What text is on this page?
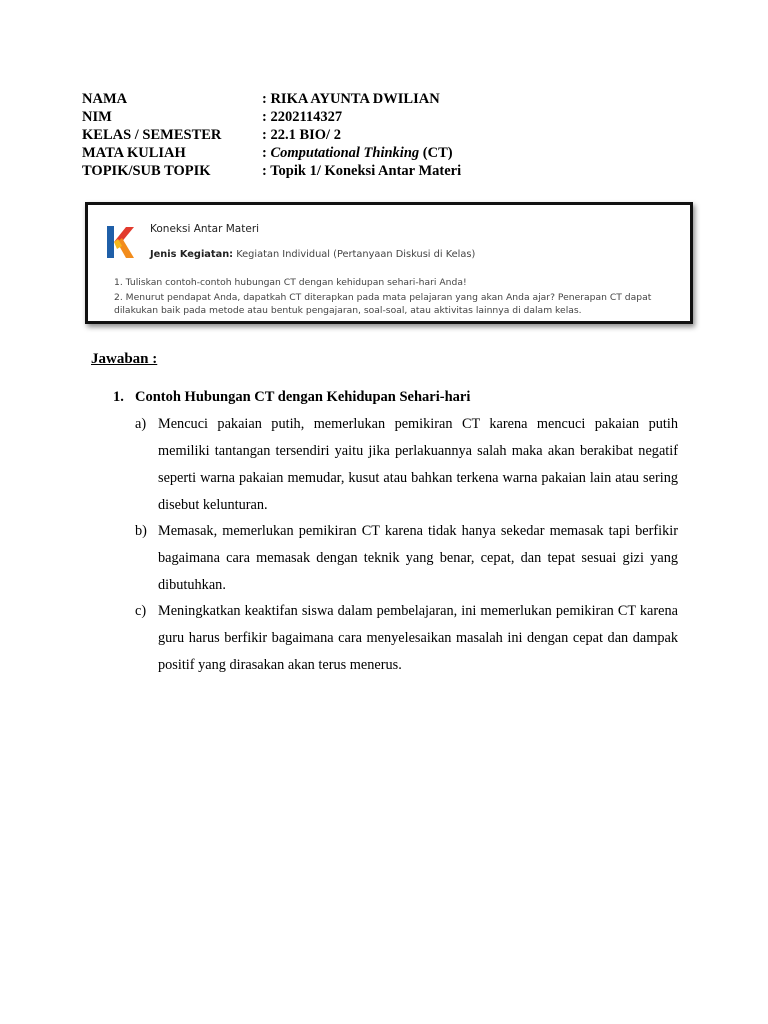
NAMA	: RIKA AYUNTA DWILIAN
NIM	: 2202114327
KELAS / SEMESTER	: 22.1 BIO/ 2
MATA KULIAH	: Computational Thinking (CT)
TOPIK/SUB TOPIK	: Topik 1/ Koneksi Antar Materi
Koneksi Antar Materi
Jenis Kegiatan: Kegiatan Individual (Pertanyaan Diskusi di Kelas)
1. Tuliskan contoh-contoh hubungan CT dengan kehidupan sehari-hari Anda!
2. Menurut pendapat Anda, dapatkah CT diterapkan pada mata pelajaran yang akan Anda ajar? Penerapan CT dapat dilakukan baik pada metode atau bentuk pengajaran, soal-soal, atau aktivitas lainnya di dalam kelas.
Jawaban :
1. Contoh Hubungan CT dengan Kehidupan Sehari-hari
a) Mencuci pakaian putih, memerlukan pemikiran CT karena mencuci pakaian putih memiliki tantangan tersendiri yaitu jika perlakuannya salah maka akan berakibat negatif seperti warna pakaian memudar, kusut atau bahkan terkena warna pakaian lain atau sering disebut kelunturan.
b) Memasak, memerlukan pemikiran CT karena tidak hanya sekedar memasak tapi berfikir bagaimana cara memasak dengan teknik yang benar, cepat, dan tepat sesuai gizi yang dibutuhkan.
c) Meningkatkan keaktifan siswa dalam pembelajaran, ini memerlukan pemikiran CT karena guru harus berfikir bagaimana cara menyelesaikan masalah ini dengan cepat dan dampak positif yang dirasakan akan terus menerus.
